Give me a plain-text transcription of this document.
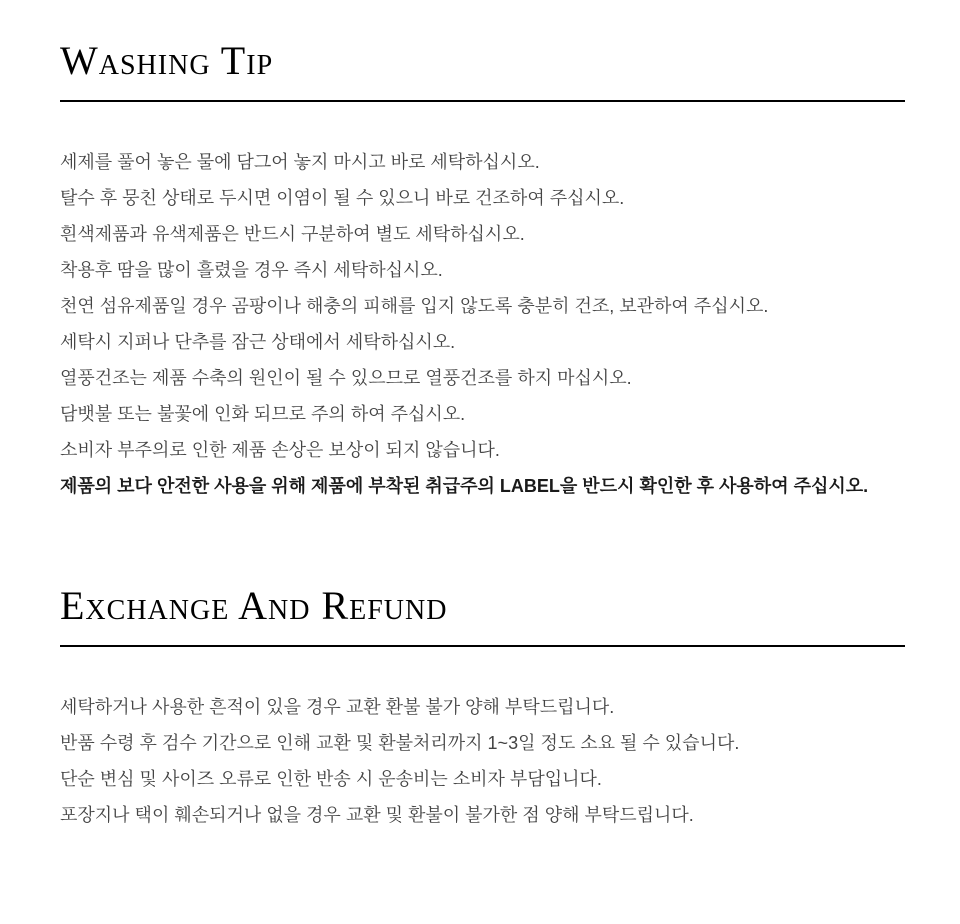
Washing Tip
세제를 풀어 놓은 물에 담그어 놓지 마시고 바로 세탁하십시오.
탈수 후 뭉친 상태로 두시면 이염이 될 수 있으니 바로 건조하여 주십시오.
흰색제품과 유색제품은 반드시 구분하여 별도 세탁하십시오.
착용후 땀을 많이 흘렸을 경우 즉시 세탁하십시오.
천연 섬유제품일 경우 곰팡이나 해충의 피해를 입지 않도록 충분히 건조, 보관하여 주십시오.
세탁시 지퍼나 단추를 잠근 상태에서 세탁하십시오.
열풍건조는 제품 수축의 원인이 될 수 있으므로 열풍건조를 하지 마십시오.
담뱃불 또는 불꽃에 인화 되므로 주의 하여 주십시오.
소비자 부주의로 인한 제품 손상은 보상이 되지 않습니다.
제품의 보다 안전한 사용을 위해 제품에 부착된 취급주의 LABEL을 반드시 확인한 후 사용하여 주십시오.
Exchange And Refund
세탁하거나 사용한 흔적이 있을 경우 교환 환불 불가 양해 부탁드립니다.
반품 수령 후 검수 기간으로 인해 교환 및 환불처리까지 1~3일 정도 소요 될 수 있습니다.
단순 변심 및 사이즈 오류로 인한 반송 시 운송비는 소비자 부담입니다.
포장지나 택이 훼손되거나 없을 경우 교환 및 환불이 불가한 점 양해 부탁드립니다.
